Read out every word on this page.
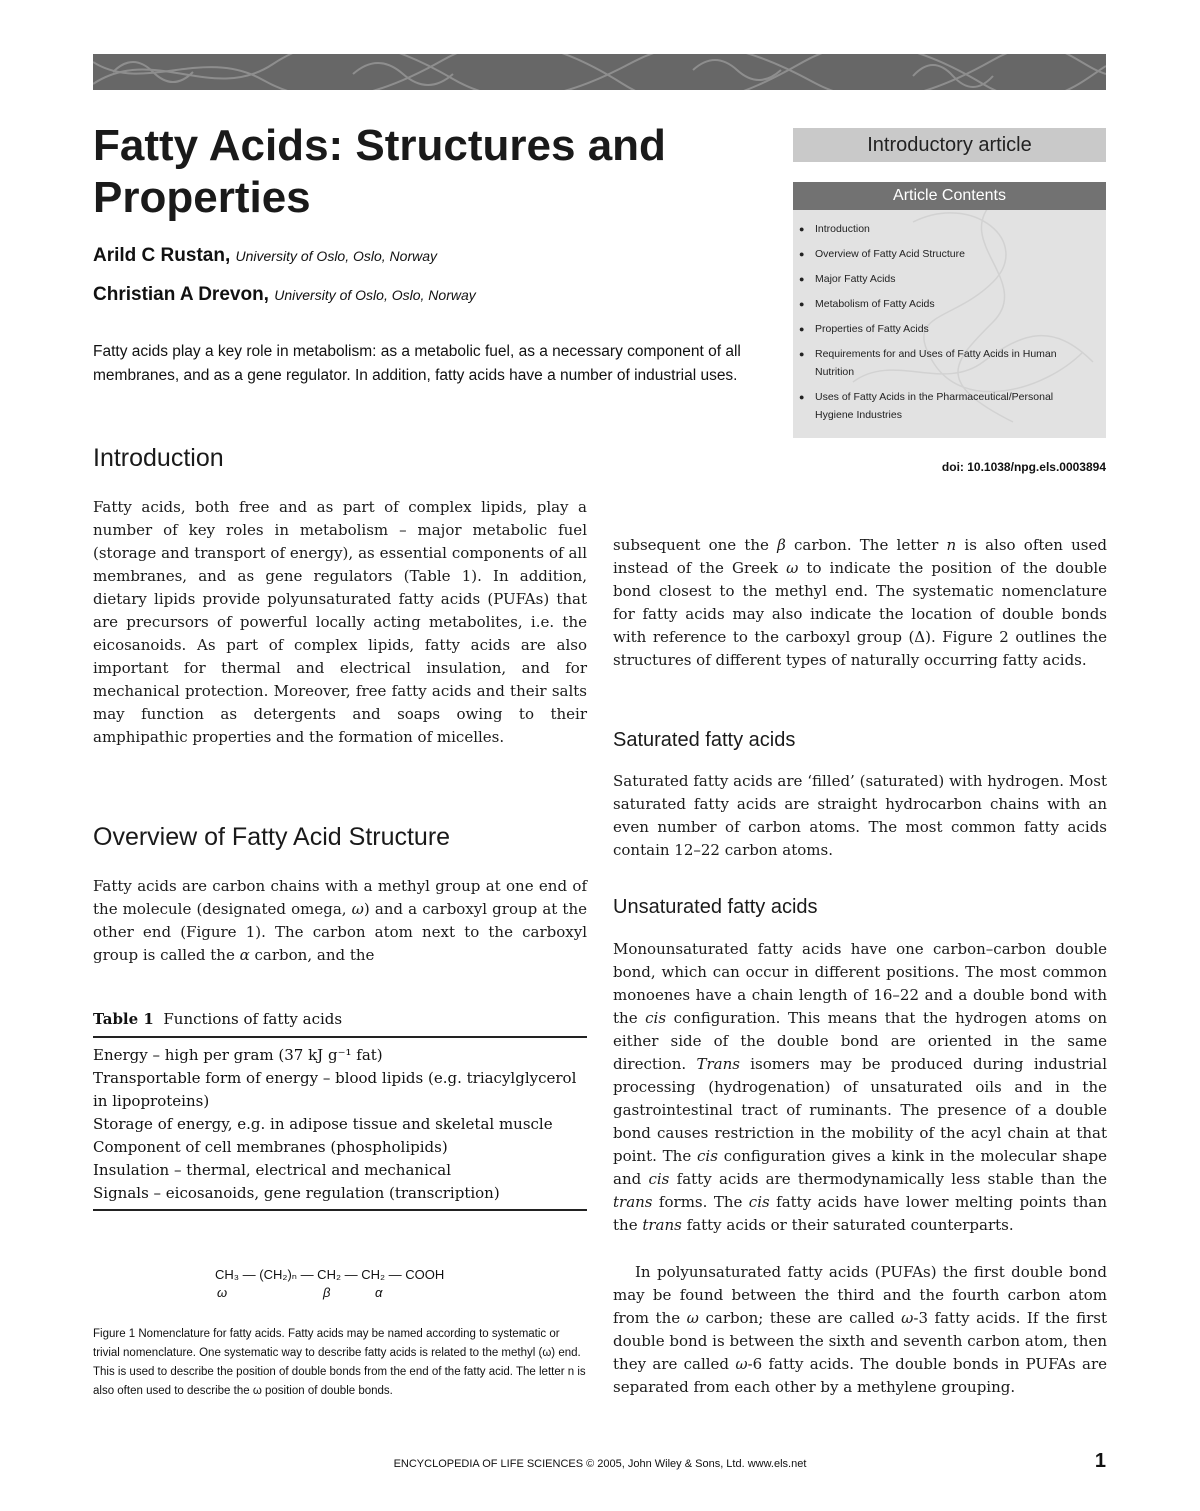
Fatty Acids: Structures and Properties
Arild C Rustan, University of Oslo, Oslo, Norway
Christian A Drevon, University of Oslo, Oslo, Norway

Fatty acids play a key role in metabolism: as a metabolic fuel, as a necessary component of all membranes, and as a gene regulator. In addition, fatty acids have a number of industrial uses.

Introductory article
Article Contents
● Introduction
● Overview of Fatty Acid Structure
● Major Fatty Acids
● Metabolism of Fatty Acids
● Properties of Fatty Acids
● Requirements for and Uses of Fatty Acids in Human Nutrition
● Uses of Fatty Acids in the Pharmaceutical/Personal Hygiene Industries
doi: 10.1038/npg.els.0003894
Introduction

Fatty acids, both free and as part of complex lipids, play a number of key roles in metabolism – major metabolic fuel (storage and transport of energy), as essential components of all membranes, and as gene regulators (Table 1). In addition, dietary lipids provide polyunsaturated fatty acids (PUFAs) that are precursors of powerful locally acting metabolites, i.e. the eicosanoids. As part of complex lipids, fatty acids are also important for thermal and electrical insulation, and for mechanical protection. Moreover, free fatty acids and their salts may function as detergents and soaps owing to their amphipathic properties and the formation of micelles.

Overview of Fatty Acid Structure

Fatty acids are carbon chains with a methyl group at one end of the molecule (designated omega, ω) and a carboxyl group at the other end (Figure 1). The carbon atom next to the carboxyl group is called the α carbon, and the

Table 1 Functions of fatty acids

Energy – high per gram (37 kJ g⁻¹ fat)
Transportable form of energy – blood lipids (e.g. triacylglycerol in lipoproteins)
Storage of energy, e.g. in adipose tissue and skeletal muscle
Component of cell membranes (phospholipids)
Insulation – thermal, electrical and mechanical
Signals – eicosanoids, gene regulation (transcription)
CH₃ — (CH₂)ₙ — CH₂ — CH₂ — COOH
ω	β	α

Figure 1 Nomenclature for fatty acids. Fatty acids may be named according to systematic or trivial nomenclature. One systematic way to describe fatty acids is related to the methyl (ω) end. This is used to describe the position of double bonds from the end of the fatty acid. The letter n is also often used to describe the ω position of double bonds.

subsequent one the β carbon. The letter n is also often used instead of the Greek ω to indicate the position of the double bond closest to the methyl end. The systematic nomenclature for fatty acids may also indicate the location of double bonds with reference to the carboxyl group (Δ). Figure 2 outlines the structures of different types of naturally occurring fatty acids.

Saturated fatty acids

Saturated fatty acids are ‘filled’ (saturated) with hydrogen. Most saturated fatty acids are straight hydrocarbon chains with an even number of carbon atoms. The most common fatty acids contain 12–22 carbon atoms.

Unsaturated fatty acids

Monounsaturated fatty acids have one carbon–carbon double bond, which can occur in different positions. The most common monoenes have a chain length of 16–22 and a double bond with the cis configuration. This means that the hydrogen atoms on either side of the double bond are oriented in the same direction. Trans isomers may be produced during industrial processing (hydrogenation) of unsaturated oils and in the gastrointestinal tract of ruminants. The presence of a double bond causes restriction in the mobility of the acyl chain at that point. The cis configuration gives a kink in the molecular shape and cis fatty acids are thermodynamically less stable than the trans forms. The cis fatty acids have lower melting points than the trans fatty acids or their saturated counterparts.

In polyunsaturated fatty acids (PUFAs) the first double bond may be found between the third and the fourth carbon atom from the ω carbon; these are called ω-3 fatty acids. If the first double bond is between the sixth and seventh carbon atom, then they are called ω-6 fatty acids. The double bonds in PUFAs are separated from each other by a methylene grouping.

ENCYCLOPEDIA OF LIFE SCIENCES © 2005, John Wiley & Sons, Ltd. www.els.net	1
